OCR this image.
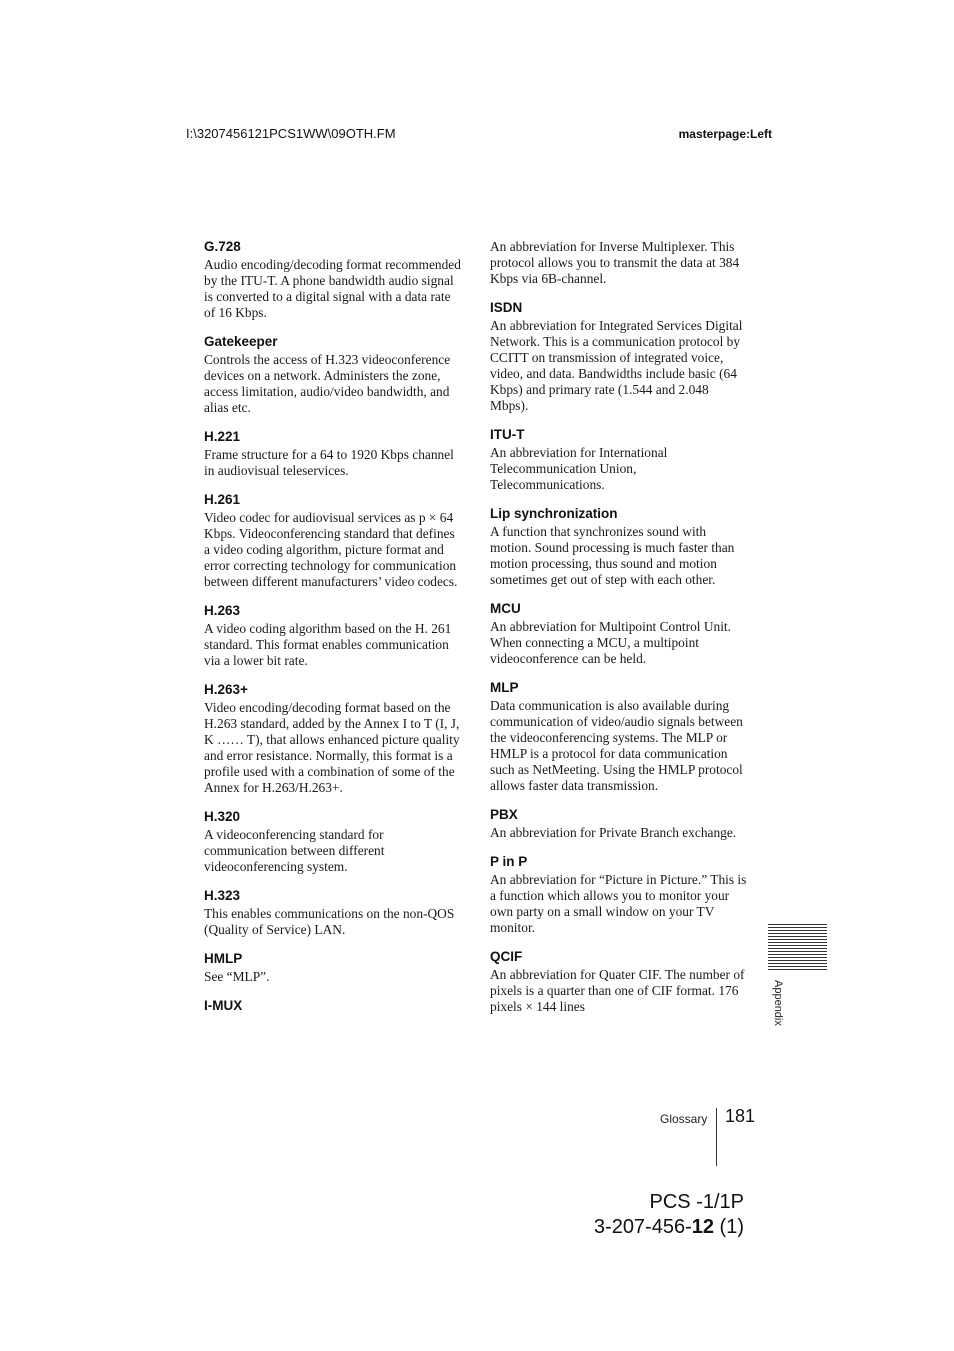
I:\3207456121PCS1WW\09OTH.FM	masterpage:Left
G.728

Audio encoding/decoding format recommended by the ITU-T. A phone bandwidth audio signal is converted to a digital signal with a data rate of 16 Kbps.

Gatekeeper

Controls the access of H.323 videoconference devices on a network. Administers the zone, access limitation, audio/video bandwidth, and alias etc.

H.221

Frame structure for a 64 to 1920 Kbps channel in audiovisual teleservices.

H.261

Video codec for audiovisual services as p × 64 Kbps. Videoconferencing standard that defines a video coding algorithm, picture format and error correcting technology for communication between different manufacturers’ video codecs.

H.263

A video coding algorithm based on the H. 261 standard. This format enables communication via a lower bit rate.

H.263+

Video encoding/decoding format based on the H.263 standard, added by the Annex I to T (I, J, K …… T), that allows enhanced picture quality and error resistance. Normally, this format is a profile used with a combination of some of the Annex for H.263/H.263+.

H.320

A videoconferencing standard for communication between different videoconferencing system.

H.323

This enables communications on the non-QOS (Quality of Service) LAN.

HMLP

See “MLP”.

I-MUX

An abbreviation for Inverse Multiplexer. This protocol allows you to transmit the data at 384 Kbps via 6B-channel.

ISDN

An abbreviation for Integrated Services Digital Network. This is a communication protocol by CCITT on transmission of integrated voice, video, and data. Bandwidths include basic (64 Kbps) and primary rate (1.544 and 2.048 Mbps).

ITU-T

An abbreviation for International Telecommunication Union, Telecommunications.

Lip synchronization

A function that synchronizes sound with motion. Sound processing is much faster than motion processing, thus sound and motion sometimes get out of step with each other.

MCU

An abbreviation for Multipoint Control Unit. When connecting a MCU, a multipoint videoconference can be held.

MLP

Data communication is also available during communication of video/audio signals between the videoconferencing systems. The MLP or HMLP is a protocol for data communication such as NetMeeting. Using the HMLP protocol allows faster data transmission.

PBX

An abbreviation for Private Branch exchange.

P in P

An abbreviation for “Picture in Picture.” This is a function which allows you to monitor your own party on a small window on your TV monitor.

QCIF

An abbreviation for Quater CIF. The number of pixels is a quarter than one of CIF format. 176 pixels × 144 lines	Appendix
Glossary 181
PCS -1/1P
3-207-456-12 (1)
